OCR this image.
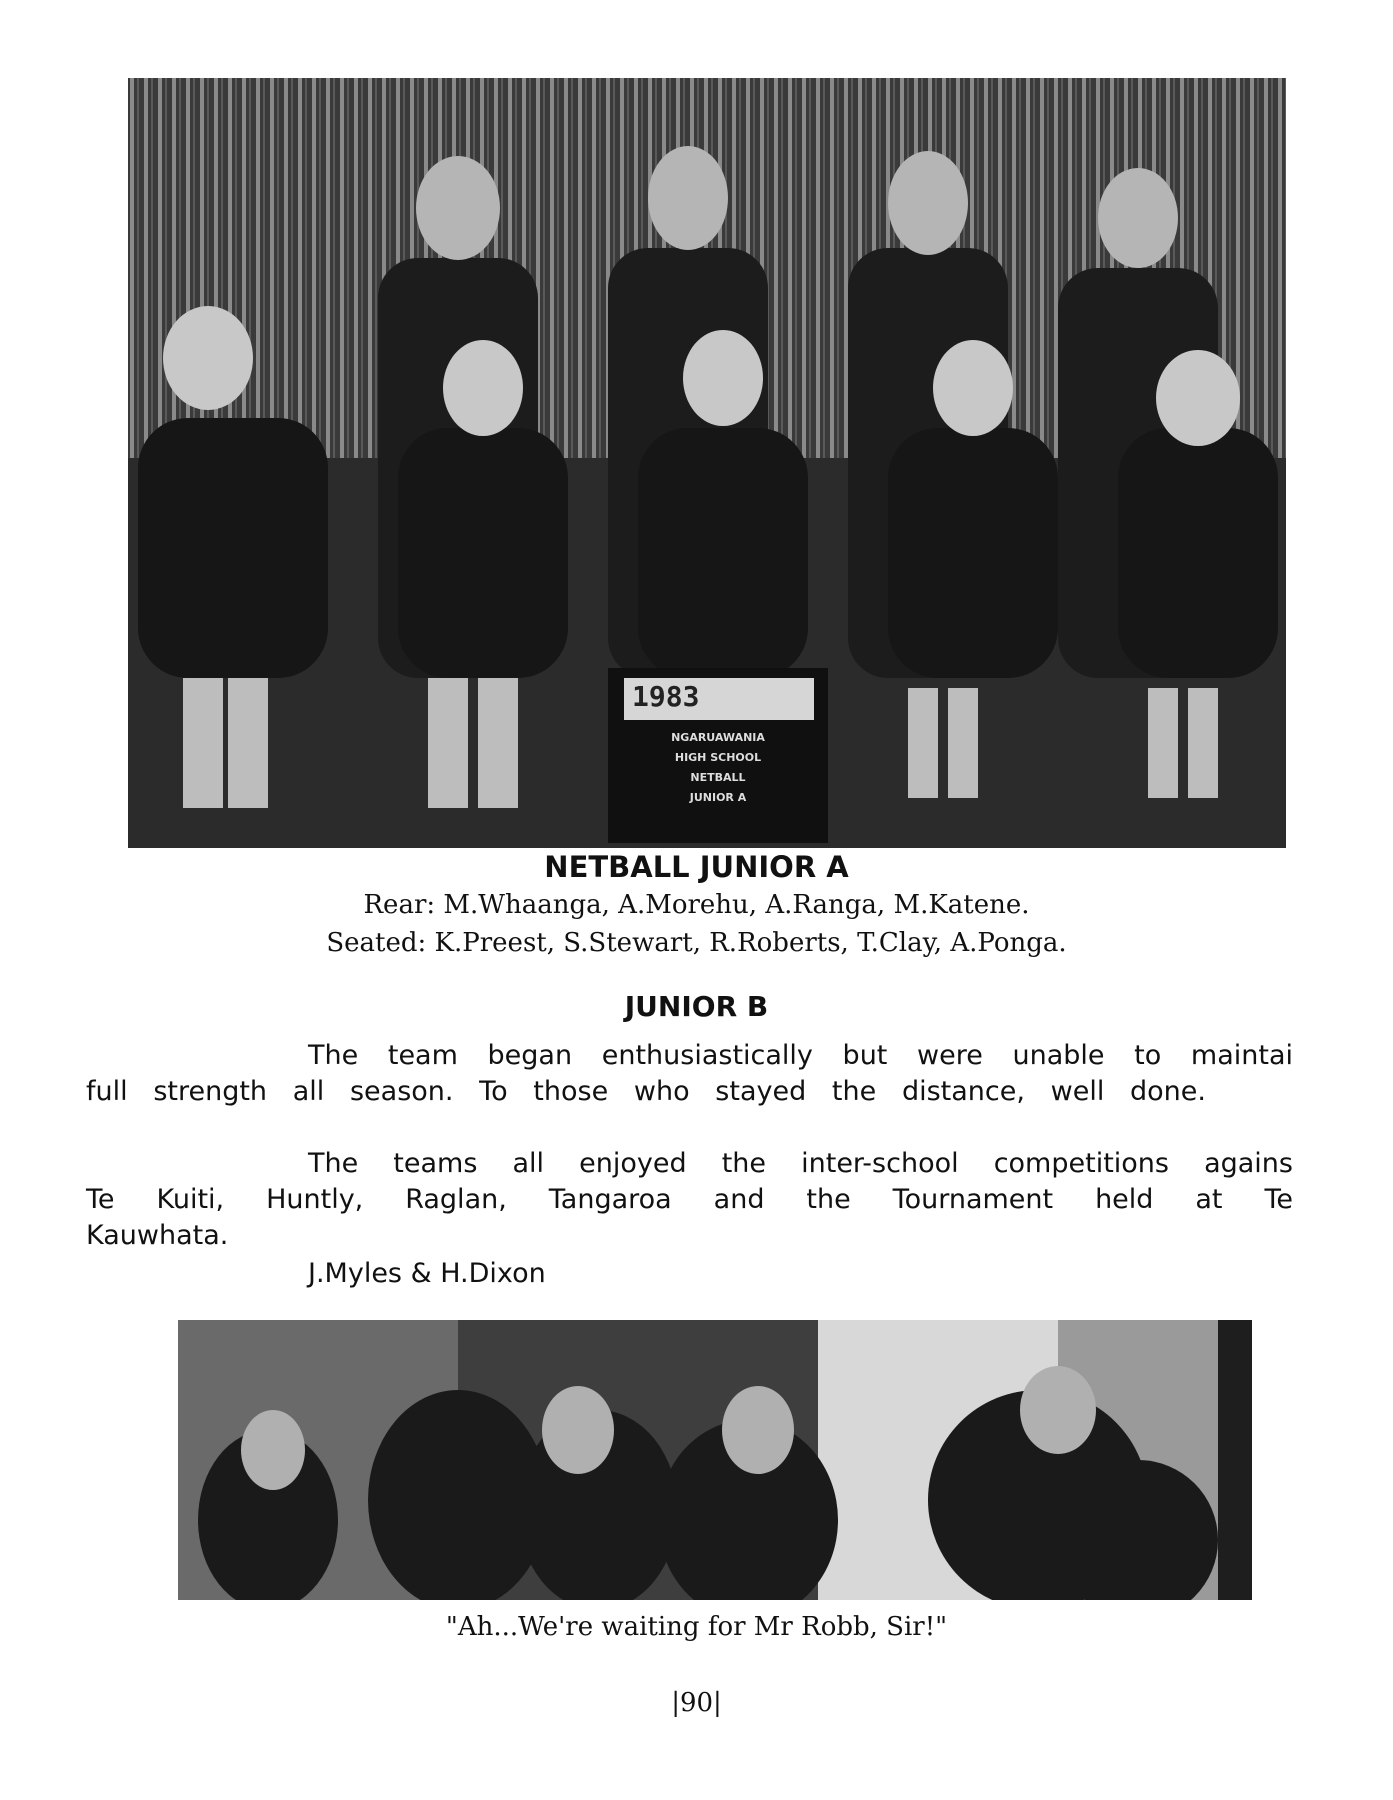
1983
NGARUAWANIA
HIGH SCHOOL
NETBALL
JUNIOR A
NETBALL JUNIOR A
Rear: M.Whaanga, A.Morehu, A.Ranga, M.Katene.
Seated: K.Preest, S.Stewart, R.Roberts, T.Clay, A.Ponga.
JUNIOR B
The team began enthusiastically but were unable to maintai
full strength all season. To those who stayed the distance, well done.
The teams all enjoyed the inter-school competitions agains
Te Kuiti, Huntly, Raglan, Tangaroa and the Tournament held at Te
Kauwhata.
J.Myles & H.Dixon
"Ah...We're waiting for Mr Robb, Sir!"
|90|
